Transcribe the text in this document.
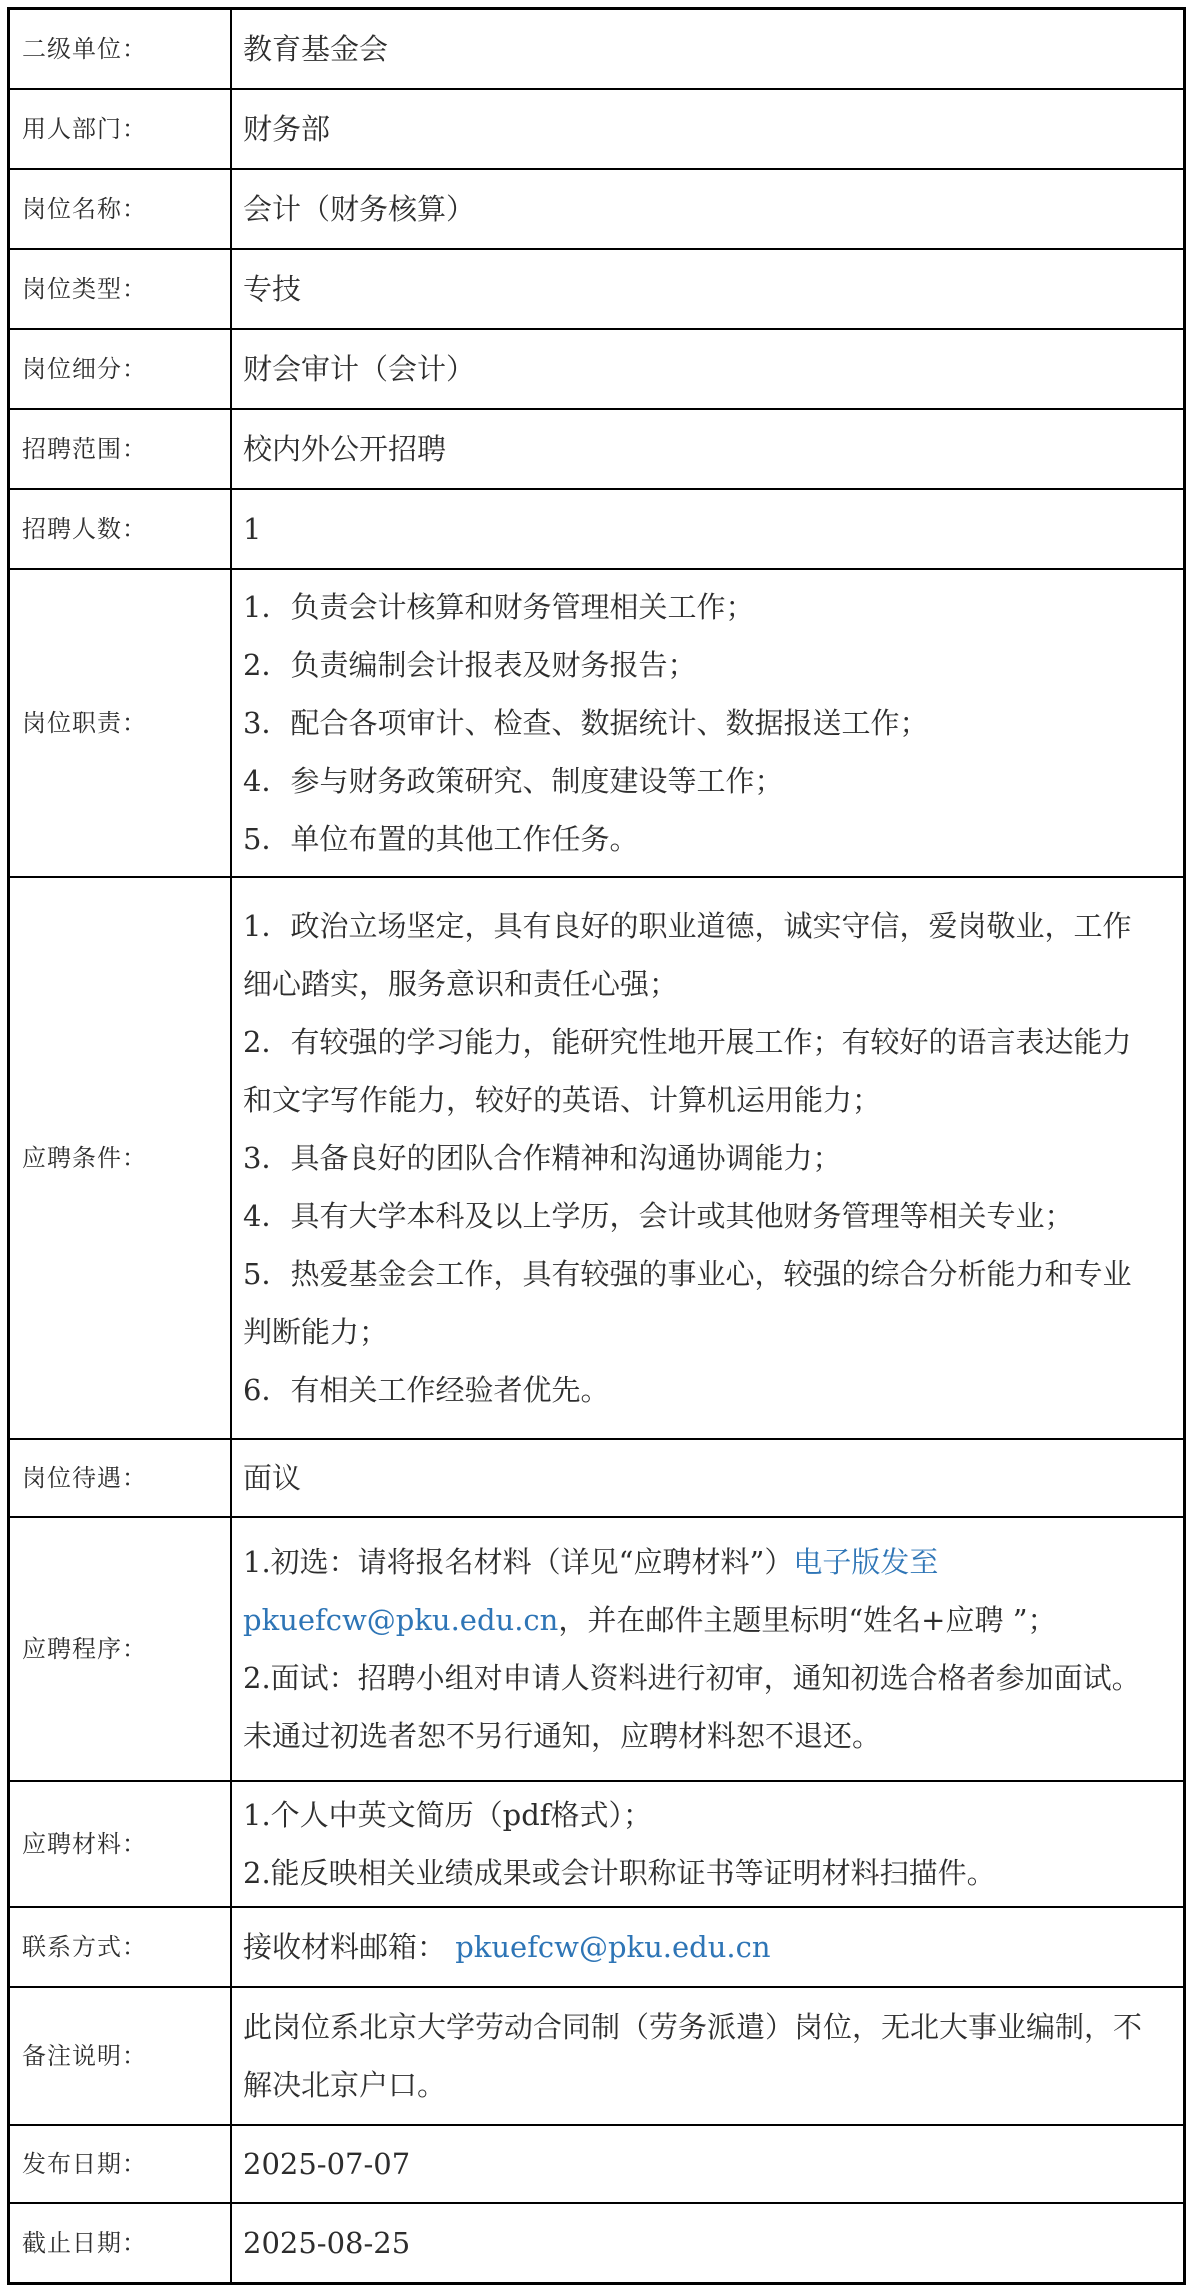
二级单位：	教育基金会
用人部门：	财务部
岗位名称：	会计（财务核算）
岗位类型：	专技
岗位细分：	财会审计（会计）
招聘范围：	校内外公开招聘
招聘人数：	1
岗位职责：	1．负责会计核算和财务管理相关工作；
2．负责编制会计报表及财务报告；
3．配合各项审计、检查、数据统计、数据报送工作；
4．参与财务政策研究、制度建设等工作；
5．单位布置的其他工作任务。

应聘条件：	
1．政治立场坚定，具有良好的职业道德，诚实守信，爱岗敬业，工作
细心踏实，服务意识和责任心强；
2．有较强的学习能力，能研究性地开展工作；有较好的语言表达能力
和文字写作能力，较好的英语、计算机运用能力；
3．具备良好的团队合作精神和沟通协调能力；
4．具有大学本科及以上学历，会计或其他财务管理等相关专业；
5．热爱基金会工作，具有较强的事业心，较强的综合分析能力和专业
判断能力；
6．有相关工作经验者优先。

岗位待遇：	面议
应聘程序：	1.初选：请将报名材料（详见“应聘材料”）电子版发至
pkuefcw@pku.edu.cn，并在邮件主题里标明“姓名+应聘 ”；
2.面试：招聘小组对申请人资料进行初审，通知初选合格者参加面试。
未通过初选者恕不另行通知，应聘材料恕不退还。

应聘材料：	1.个人中英文简历（pdf格式）；
2.能反映相关业绩成果或会计职称证书等证明材料扫描件。

联系方式：	接收材料邮箱： pkuefcw@pku.edu.cn
备注说明：	此岗位系北京大学劳动合同制（劳务派遣）岗位，无北大事业编制，不
解决北京户口。

发布日期：	2025-07-07
截止日期：	2025-08-25
